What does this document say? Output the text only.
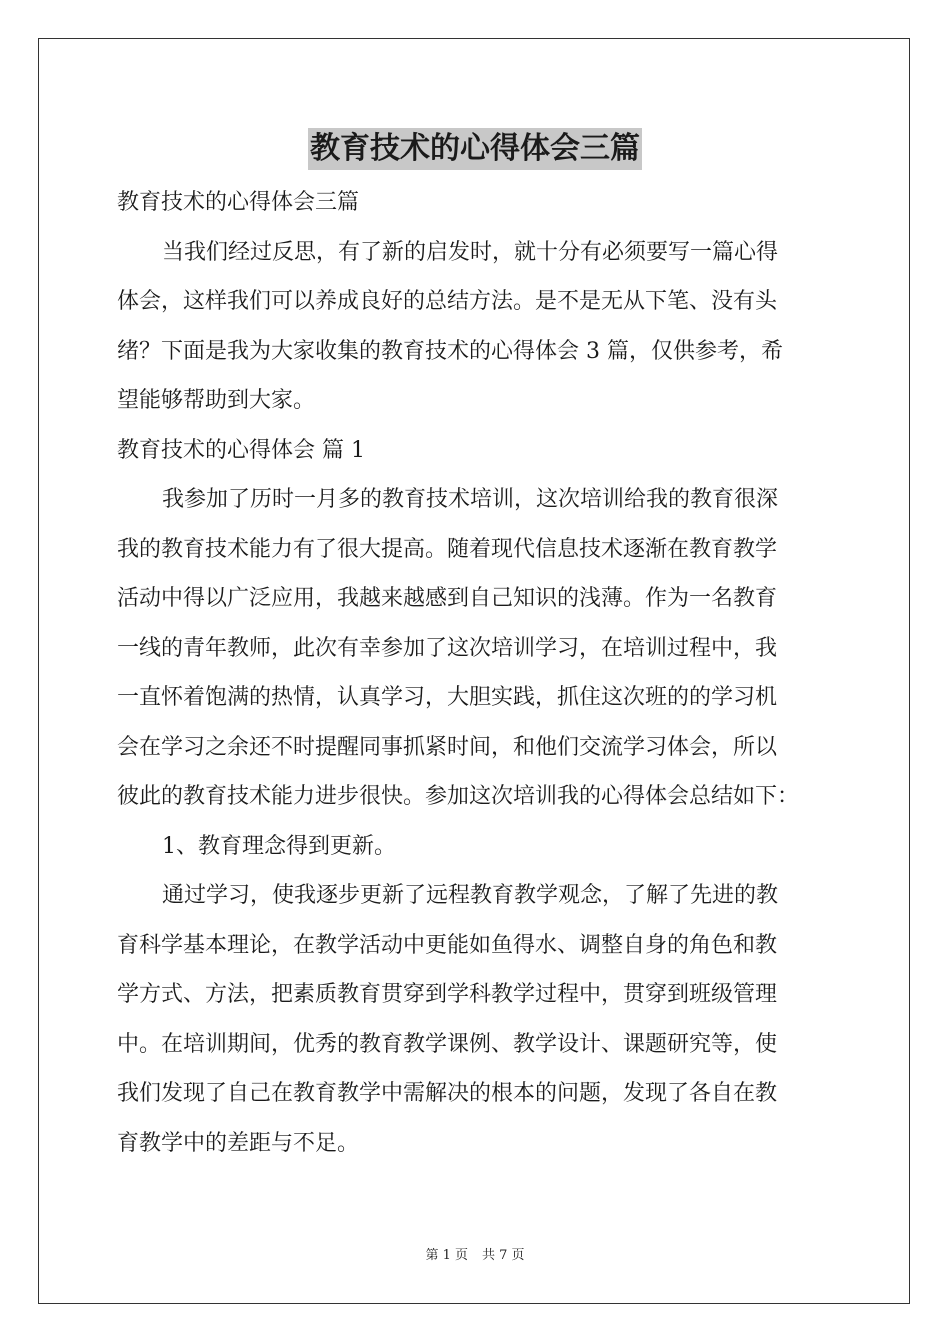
教育技术的心得体会三篇
教育技术的心得体会三篇
当我们经过反思，有了新的启发时，就十分有必须要写一篇心得
体会，这样我们可以养成良好的总结方法。是不是无从下笔、没有头
绪？下面是我为大家收集的教育技术的心得体会 3 篇，仅供参考，希
望能够帮助到大家。
教育技术的心得体会 篇 1
我参加了历时一月多的教育技术培训，这次培训给我的教育很深
我的教育技术能力有了很大提高。随着现代信息技术逐渐在教育教学
活动中得以广泛应用，我越来越感到自己知识的浅薄。作为一名教育
一线的青年教师，此次有幸参加了这次培训学习，在培训过程中，我
一直怀着饱满的热情，认真学习，大胆实践，抓住这次班的的学习机
会在学习之余还不时提醒同事抓紧时间，和他们交流学习体会，所以
彼此的教育技术能力进步很快。参加这次培训我的心得体会总结如下：
1、教育理念得到更新。
通过学习，使我逐步更新了远程教育教学观念，了解了先进的教
育科学基本理论，在教学活动中更能如鱼得水、调整自身的角色和教
学方式、方法，把素质教育贯穿到学科教学过程中，贯穿到班级管理
中。在培训期间，优秀的教育教学课例、教学设计、课题研究等，使
我们发现了自己在教育教学中需解决的根本的问题，发现了各自在教
育教学中的差距与不足。
第 1 页 共 7 页
